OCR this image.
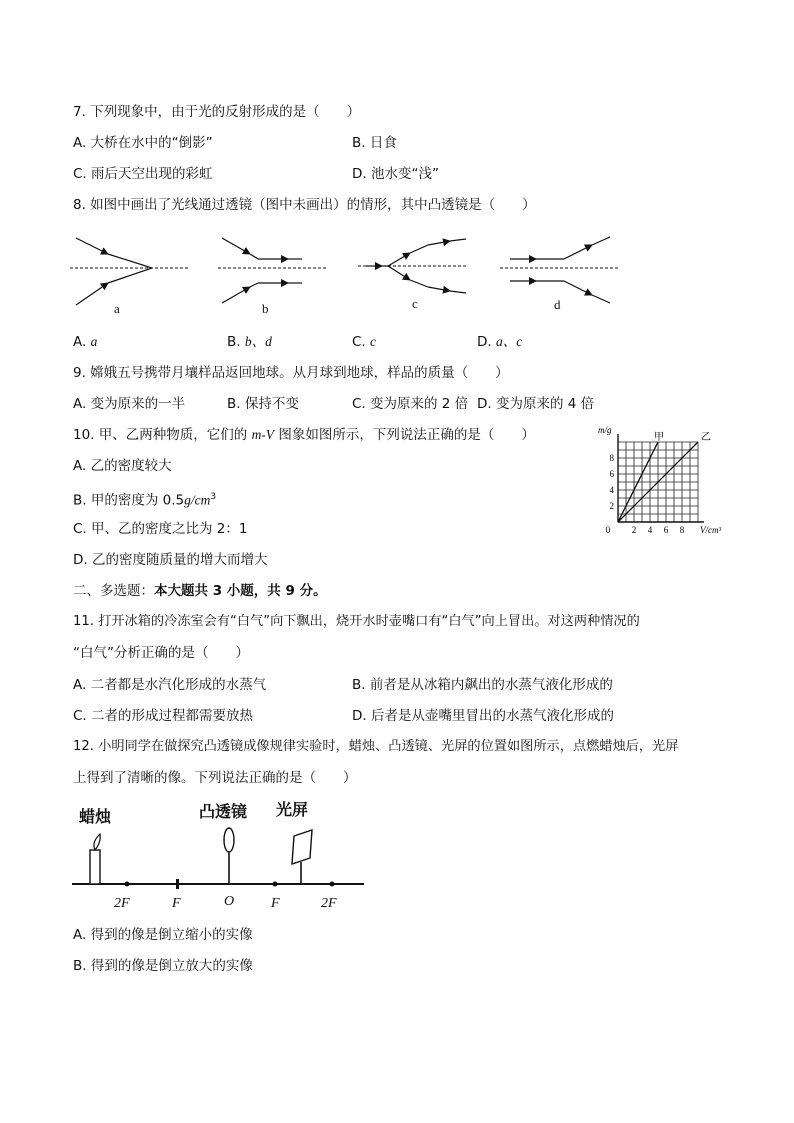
7. 下列现象中，由于光的反射形成的是（　　）
A. 大桥在水中的“倒影”	B. 日食
C. 雨后天空出现的彩虹	D. 池水变“浅”
8. 如图中画出了光线通过透镜（图中未画出）的情形，其中凸透镜是（　　）
a	b	c	d
A. a	B. b、d	C. c	D. a、c
9. 嫦娥五号携带月壤样品返回地球。从月球到地球，样品的质量（　　）
A. 变为原来的一半	B. 保持不变	C. 变为原来的 2 倍 D. 变为原来的 4 倍
10. 甲、乙两种物质，它们的 m-V 图象如图所示，下列说法正确的是（　　）
A. 乙的密度较大
B. 甲的密度为 $0.5g/cm^3$
C. 甲、乙的密度之比为 2：1
D. 乙的密度随质量的增大而增大
甲	乙
0 2 4 6 8
2
4
6
8
V/cm³
m/g
二、多选题：本大题共 3 小题，共 9 分。
11. 打开冰箱的冷冻室会有“白气”向下飘出，烧开水时壶嘴口有“白气”向上冒出。对这两种情况的
“白气”分析正确的是（　　）
A. 二者都是水汽化形成的水蒸气	B. 前者是从冰箱内飙出的水蒸气液化形成的
C. 二者的形成过程都需要放热	D. 后者是从壶嘴里冒出的水蒸气液化形成的
12. 小明同学在做探究凸透镜成像规律实验时，蜡烛、凸透镜、光屏的位置如图所示，点燃蜡烛后，光屏
上得到了清晰的像。下列说法正确的是（　　）
蜡烛	凸透镜 光屏
2F	F	O	F	2F
A. 得到的像是倒立缩小的实像
B. 得到的像是倒立放大的实像
